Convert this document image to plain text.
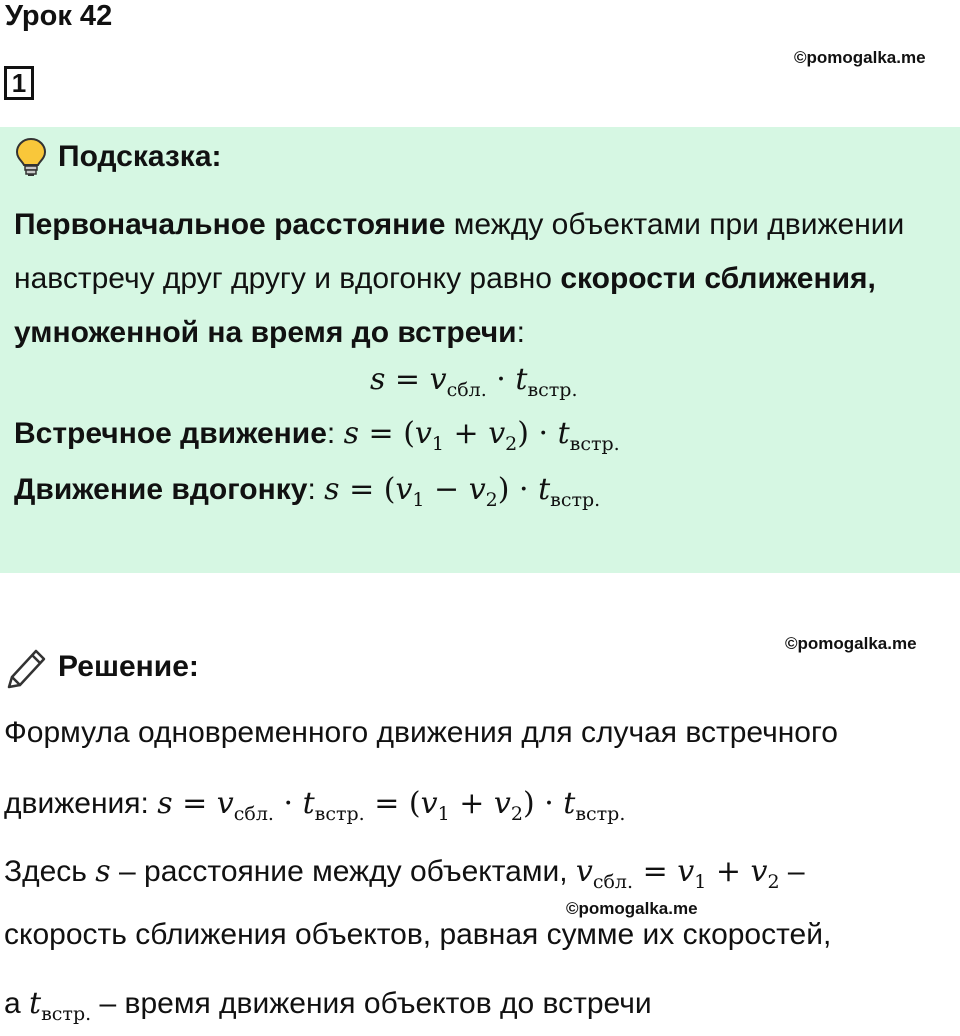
Урок 42
©pomogalka.me
1
Подсказка:
Первоначальное расстояние между объектами при движении навстречу друг другу и вдогонку равно скорости сближения, умноженной на время до встречи:
$s = v_{сбл.} \cdot t_{встр.}$
Встречное движение: $s = (v_1 + v_2) \cdot t_{встр.}$
Движение вдогонку: $s = (v_1 - v_2) \cdot t_{встр.}$
©pomogalka.me
Решение:
Формула одновременного движения для случая встречного
движения: $s = v_{сбл.} \cdot t_{встр.} = (v_1 + v_2) \cdot t_{встр.}$
Здесь s – расстояние между объектами, $v_{сбл.} = v_1 + v_2$ –
©pomogalka.me
скорость сближения объектов, равная сумме их скоростей,
а $t_{встр.}$ – время движения объектов до встречи
